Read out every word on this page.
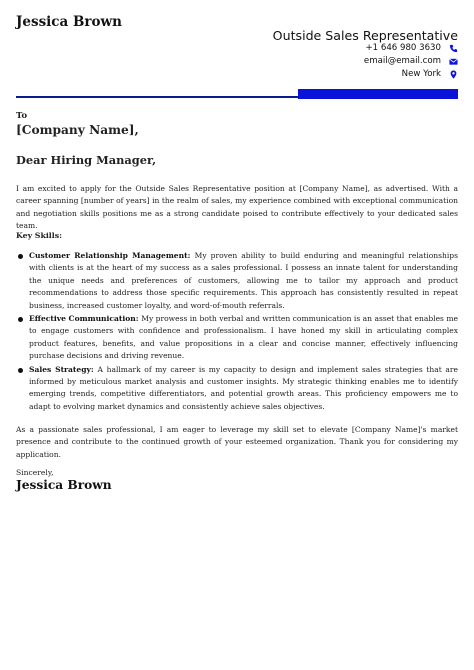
Jessica Brown
Outside Sales Representative
+1 646 980 3630
email@email.com
New York
To
[Company Name],
Dear Hiring Manager,
I am excited to apply for the Outside Sales Representative position at [Company Name], as advertised. With a career spanning [number of years] in the realm of sales, my experience combined with exceptional communication and negotiation skills positions me as a strong candidate poised to contribute effectively to your dedicated sales team.
Key Skills:
Customer Relationship Management: My proven ability to build enduring and meaningful relationships with clients is at the heart of my success as a sales professional. I possess an innate talent for understanding the unique needs and preferences of customers, allowing me to tailor my approach and product recommendations to address those specific requirements. This approach has consistently resulted in repeat business, increased customer loyalty, and word-of-mouth referrals.
Effective Communication: My prowess in both verbal and written communication is an asset that enables me to engage customers with confidence and professionalism. I have honed my skill in articulating complex product features, benefits, and value propositions in a clear and concise manner, effectively influencing purchase decisions and driving revenue.
Sales Strategy: A hallmark of my career is my capacity to design and implement sales strategies that are informed by meticulous market analysis and customer insights. My strategic thinking enables me to identify emerging trends, competitive differentiators, and potential growth areas. This proficiency empowers me to adapt to evolving market dynamics and consistently achieve sales objectives.
As a passionate sales professional, I am eager to leverage my skill set to elevate [Company Name]'s market presence and contribute to the continued growth of your esteemed organization. Thank you for considering my application.
Sincerely,
Jessica Brown
